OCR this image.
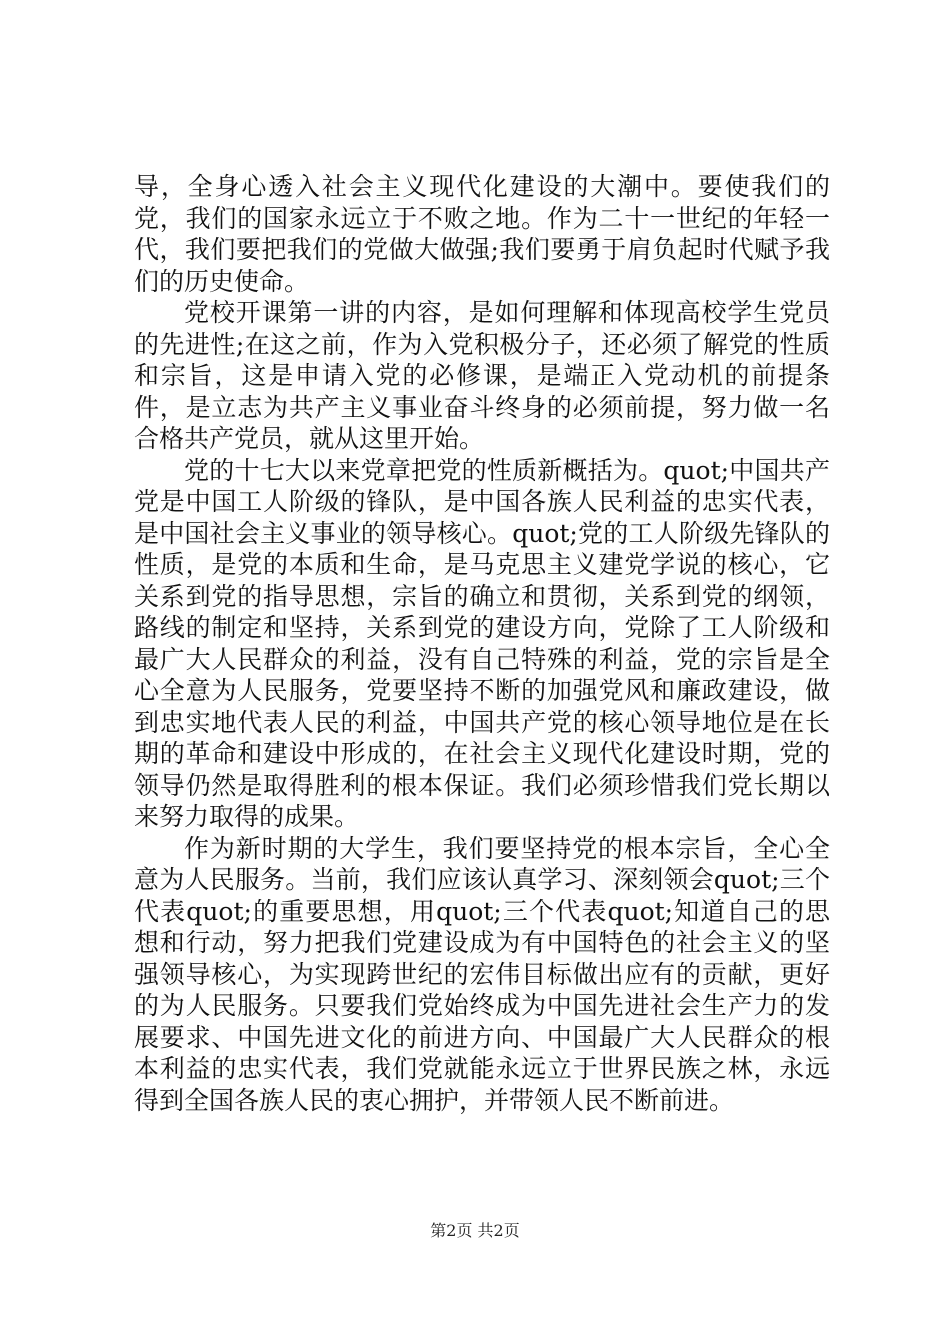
导，全身心透入社会主义现代化建设的大潮中。要使我们的党，我们的国家永远立于不败之地。作为二十一世纪的年轻一代，我们要把我们的党做大做强;我们要勇于肩负起时代赋予我们的历史使命。

党校开课第一讲的内容，是如何理解和体现高校学生党员的先进性;在这之前，作为入党积极分子，还必须了解党的性质和宗旨，这是申请入党的必修课，是端正入党动机的前提条件，是立志为共产主义事业奋斗终身的必须前提，努力做一名合格共产党员，就从这里开始。

党的十七大以来党章把党的性质新概括为。quot;中国共产党是中国工人阶级的锋队，是中国各族人民利益的忠实代表，是中国社会主义事业的领导核心。quot;党的工人阶级先锋队的性质，是党的本质和生命，是马克思主义建党学说的核心，它关系到党的指导思想，宗旨的确立和贯彻，关系到党的纲领，路线的制定和坚持，关系到党的建设方向，党除了工人阶级和最广大人民群众的利益，没有自己特殊的利益，党的宗旨是全心全意为人民服务，党要坚持不断的加强党风和廉政建设，做到忠实地代表人民的利益，中国共产党的核心领导地位是在长期的革命和建设中形成的，在社会主义现代化建设时期，党的领导仍然是取得胜利的根本保证。我们必须珍惜我们党长期以来努力取得的成果。

作为新时期的大学生，我们要坚持党的根本宗旨，全心全意为人民服务。当前，我们应该认真学习、深刻领会quot;三个代表quot;的重要思想，用quot;三个代表quot;知道自己的思想和行动，努力把我们党建设成为有中国特色的社会主义的坚强领导核心，为实现跨世纪的宏伟目标做出应有的贡献，更好的为人民服务。只要我们党始终成为中国先进社会生产力的发展要求、中国先进文化的前进方向、中国最广大人民群众的根本利益的忠实代表，我们党就能永远立于世界民族之林，永远得到全国各族人民的衷心拥护，并带领人民不断前进。

第2页 共2页
